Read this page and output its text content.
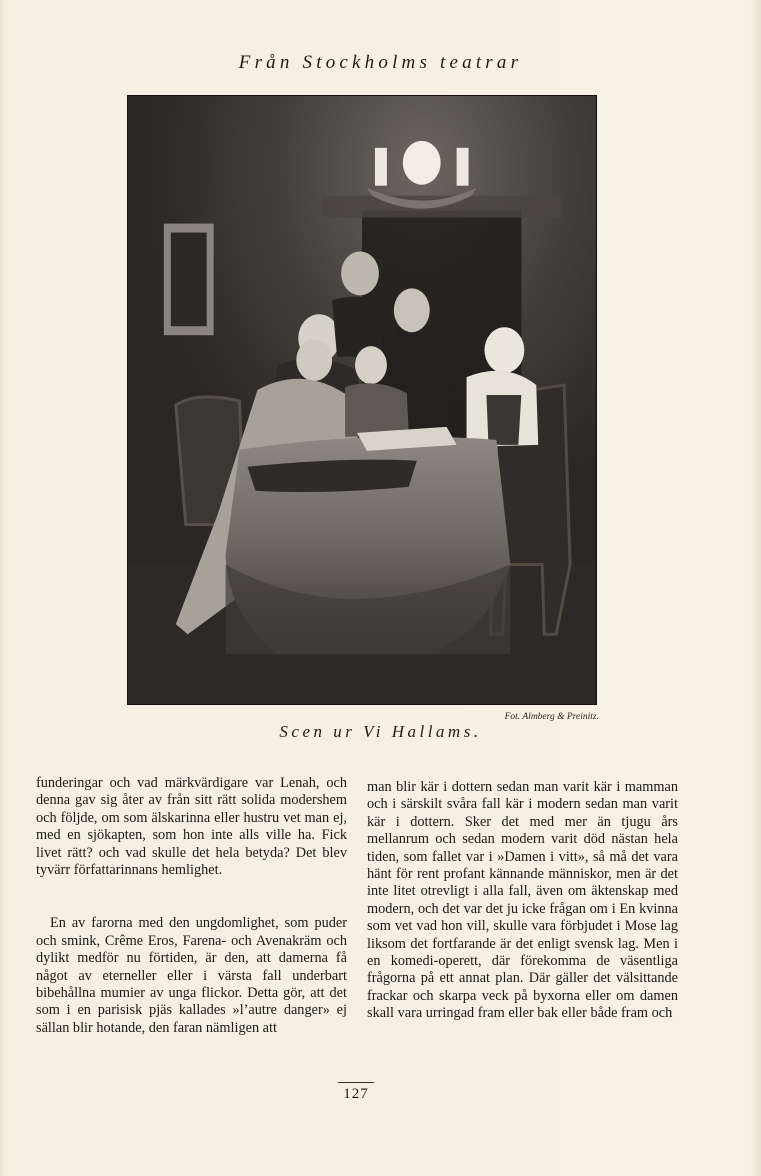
Från Stockholms teatrar
Fot. Almberg & Preinitz.
Scen ur Vi Hallams.

funderingar och vad märkvärdigare var Lenah, och denna gav sig åter av från sitt rätt solida modershem och följde, om som älskarinna eller hustru vet man ej, med en sjökapten, som hon inte alls ville ha. Fick livet rätt? och vad skulle det hela betyda? Det blev tyvärr författarinnans hemlighet.

En av farorna med den ungdomlighet, som puder och smink, Crême Eros, Farena- och Avenakräm och dylikt medför nu förtiden, är den, att damerna få något av eterneller eller i värsta fall underbart bibehållna mumier av unga flickor. Detta gör, att det som i en parisisk pjäs kallades »l’autre danger» ej sällan blir hotande, den faran nämligen att

man blir kär i dottern sedan man varit kär i mamman och i särskilt svåra fall kär i modern sedan man varit kär i dottern. Sker det med mer än tjugu års mellanrum och sedan modern varit död nästan hela tiden, som fallet var i »Damen i vitt», så må det vara hänt för rent profant kännande människor, men är det inte litet otrevligt i alla fall, även om äktenskap med modern, och det var det ju icke frågan om i En kvinna som vet vad hon vill, skulle vara förbjudet i Mose lag liksom det fortfarande är det enligt svensk lag. Men i en komedi-operett, där förekomma de väsentliga frågorna på ett annat plan. Där gäller det välsittande frackar och skarpa veck på byxorna eller om damen skall vara urringad fram eller bak eller både fram och

127
